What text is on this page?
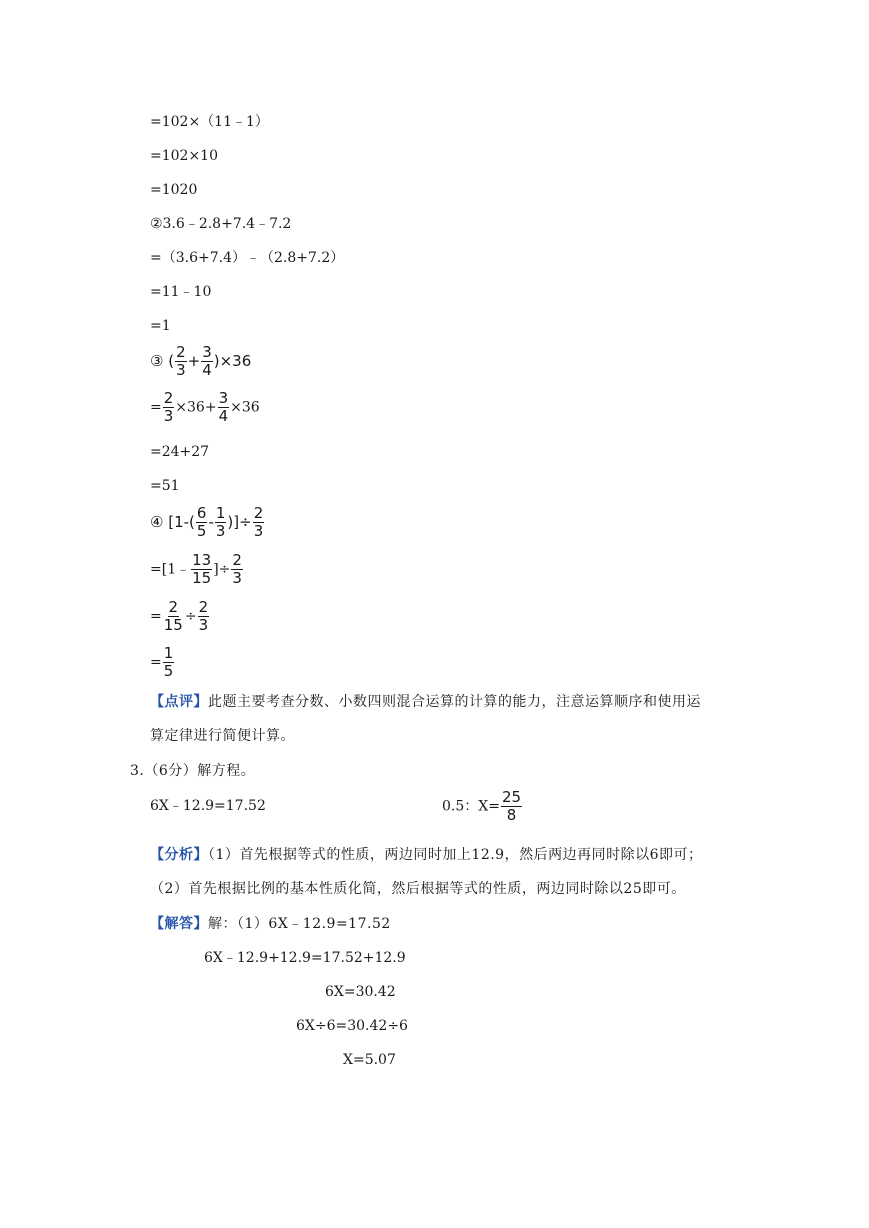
=102×（11﹣1）
=102×10
=1020
②3.6﹣2.8+7.4﹣7.2
=（3.6+7.4）﹣（2.8+7.2）
=11﹣10
=1
③ ( $\frac{2}{3} + \frac{3}{4} )\times 36$
= $\frac{2}{3} \times 36+ \frac{3}{4} \times 36$
=24+27
=51
④ [$1-( \frac{6}{5} - \frac{1}{3}$ )]÷ $\frac{2}{3}$
=[1﹣ $\frac{13}{15}$ ]÷ $\frac{2}{3}$
= $\frac{2}{15} \div \frac{2}{3}$
= $\frac{1}{5}$
【点评】此题主要考查分数、小数四则混合运算的计算的能力，注意运算顺序和使用运
算定律进行简便计算。
3.（6分）解方程。
6X﹣12.9=17.52	0.5：$X= \frac{25}{8}$
【分析】（1）首先根据等式的性质，两边同时加上12.9，然后两边再同时除以6即可；
（2）首先根据比例的基本性质化简，然后根据等式的性质，两边同时除以25即可。
【解答】解：（1）6X﹣12.9=17.52
6X﹣12.9+12.9=17.52+12.9
6X=30.42
6X÷6=30.42÷6
X=5.07
